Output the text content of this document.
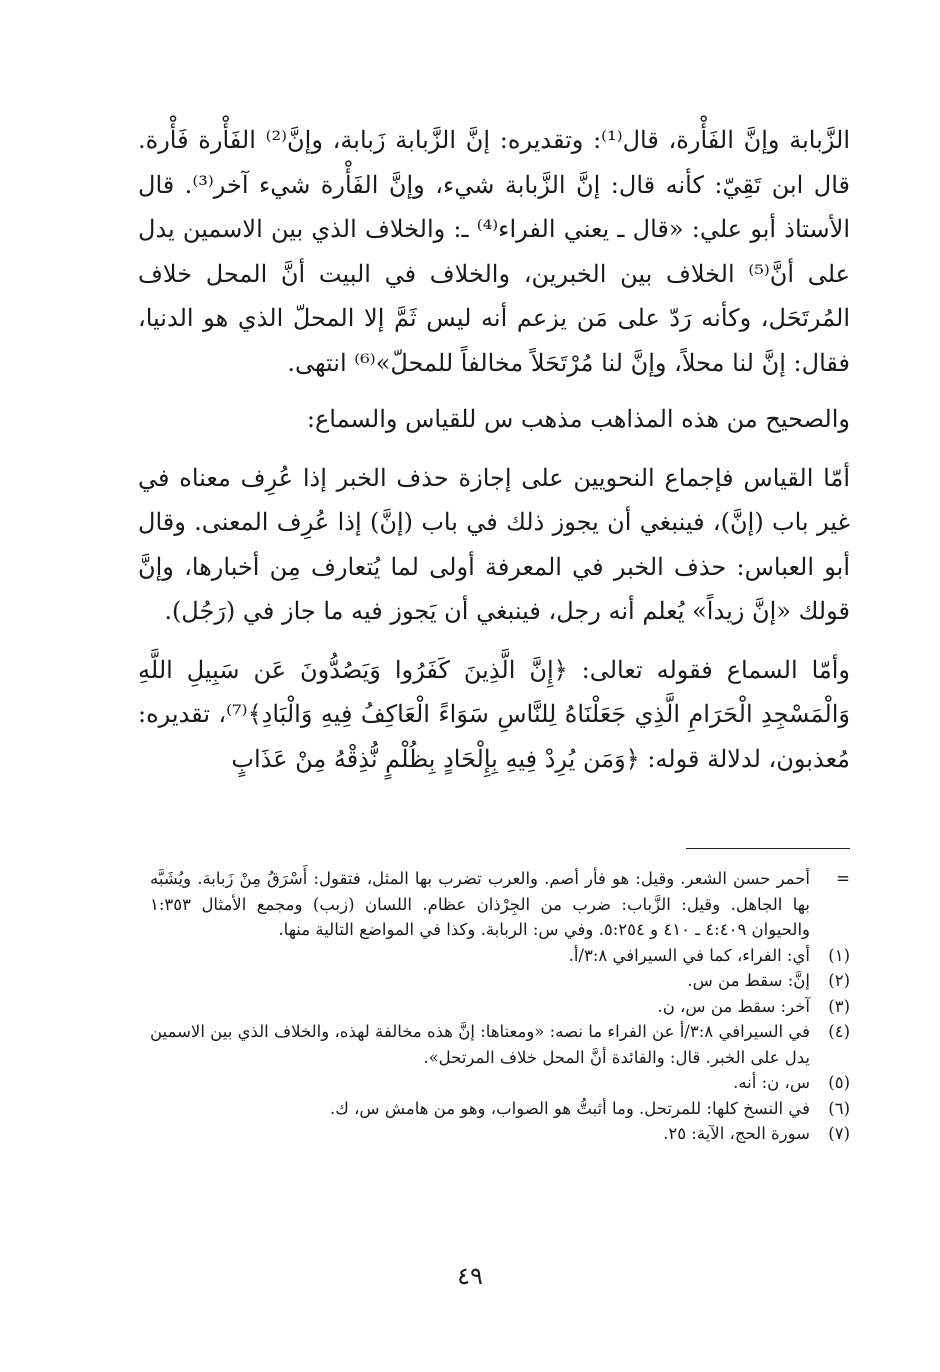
الزَّبابة وإنَّ الفَأْرة، قال⁽¹⁾: وتقديره: إنَّ الزَّبابة زَبابة، وإنَّ⁽²⁾ الفَأْرة فَأْرة. قال ابن تَقِيّ: كأنه قال: إنَّ الزَّبابة شيء، وإنَّ الفَأْرة شيء آخر⁽³⁾. قال الأستاذ أبو علي: «قال ـ يعني الفراء⁽⁴⁾ ـ: والخلاف الذي بين الاسمين يدل على أنَّ⁽⁵⁾ الخلاف بين الخبرين، والخلاف في البيت أنَّ المحل خلاف المُرتَحَل، وكأنه رَدّ على مَن يزعم أنه ليس ثَمَّ إلا المحلّ الذي هو الدنيا، فقال: إنَّ لنا محلاً، وإنَّ لنا مُرْتَحَلاً مخالفاً للمحلّ»⁽⁶⁾ انتهى.

والصحيح من هذه المذاهب مذهب س للقياس والسماع:

أمّا القياس فإجماع النحويين على إجازة حذف الخبر إذا عُرِف معناه في غير باب (إنَّ)، فينبغي أن يجوز ذلك في باب (إنَّ) إذا عُرِف المعنى. وقال أبو العباس: حذف الخبر في المعرفة أولى لما يُتعارف مِن أخبارها، وإنَّ قولك «إنَّ زيداً» يُعلم أنه رجل، فينبغي أن يَجوز فيه ما جاز في (رَجُل).

وأمّا السماع فقوله تعالى: ﴿إِنَّ الَّذِينَ كَفَرُوا وَيَصُدُّونَ عَن سَبِيلِ اللَّهِ وَالْمَسْجِدِ الْحَرَامِ الَّذِي جَعَلْنَاهُ لِلنَّاسِ سَوَاءً الْعَاكِفُ فِيهِ وَالْبَادِ﴾⁽⁷⁾، تقديره: مُعذبون، لدلالة قوله: ﴿وَمَن يُرِدْ فِيهِ بِإِلْحَادٍ بِظُلْمٍ نُّذِقْهُ مِنْ عَذَابٍ

=
أحمر حسن الشعر. وقيل: هو فأر أصم. والعرب تضرب بها المثل، فتقول: أَسْرَقُ مِنْ زَبابة. ويُشَبَّه بها الجاهل. وقيل: الزَّباب: ضرب من الجِرْذان عظام. اللسان (زبب) ومجمع الأمثال ١:٣٥٣ والحيوان ٤:٤٠٩ ـ ٤١٠ و ٥:٢٥٤. وفي س: الربابة. وكذا في المواضع التالية منها.
(١)
أي: الفراء، كما في السيرافي ٣:٨/أ.
(٢)
إنَّ: سقط من س.
(٣)
آخر: سقط من س، ن.
(٤)
في السيرافي ٣:٨/أ عن الفراء ما نصه: «ومعناها: إنَّ هذه مخالفة لهذه، والخلاف الذي بين الاسمين يدل على الخبر. قال: والفائدة أنَّ المحل خلاف المرتحل».
(٥)
س، ن: أنه.
(٦)
في النسخ كلها: للمرتحل. وما أثبتُّ هو الصواب، وهو من هامش س، ك.
(٧)
سورة الحج، الآية: ٢٥.
٤٩
